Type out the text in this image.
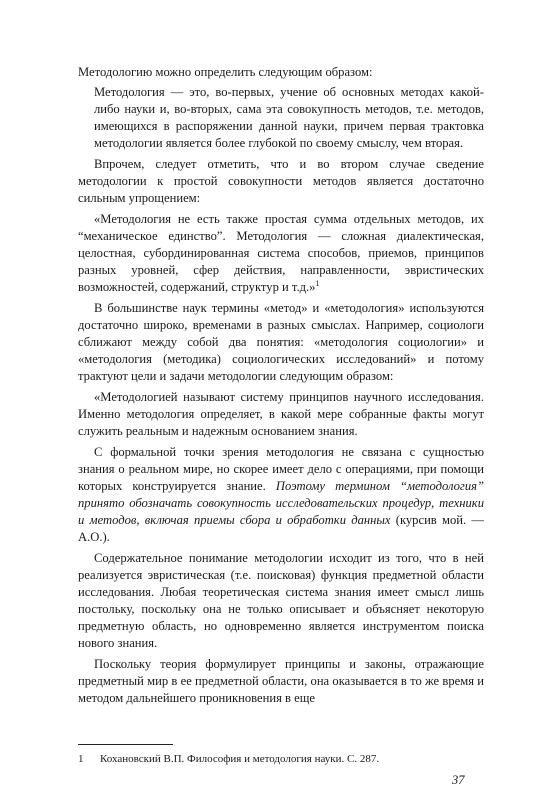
Методологию можно определить следующим образом:

Методология — это, во-первых, учение об основных методах какой-либо науки и, во-вторых, сама эта совокупность методов, т.е. методов, имеющихся в распоряжении данной науки, причем первая трактовка методологии является более глубокой по своему смыслу, чем вторая.

Впрочем, следует отметить, что и во втором случае сведение методологии к простой совокупности методов является достаточно сильным упрощением:

«Методология не есть также простая сумма отдельных методов, их “механическое единство”. Методология — сложная диалектическая, целостная, субординированная система способов, приемов, принципов разных уровней, сфер действия, направленности, эвристических возможностей, содержаний, структур и т.д.»$^1$

В большинстве наук термины «метод» и «методология» используются достаточно широко, временами в разных смыслах. Например, социологи сближают между собой два понятия: «методология социологии» и «методология (методика) социологических исследований» и потому трактуют цели и задачи методологии следующим образом:

«Методологией называют систему принципов научного исследования. Именно методология определяет, в какой мере собранные факты могут служить реальным и надежным основанием знания.

С формальной точки зрения методология не связана с сущностью знания о реальном мире, но скорее имеет дело с операциями, при помощи которых конструируется знание. Поэтому термином “методология” принято обозначать совокупность исследовательских процедур, техники и методов, включая приемы сбора и обработки данных (курсив мой. — А.О.).

Содержательное понимание методологии исходит из того, что в ней реализуется эвристическая (т.е. поисковая) функция предметной области исследования. Любая теоретическая система знания имеет смысл лишь постольку, поскольку она не только описывает и объясняет некоторую предметную область, но одновременно является инструментом поиска нового знания.

Поскольку теория формулирует принципы и законы, отражающие предметный мир в ее предметной области, она оказывается в то же время и методом дальнейшего проникновения в еще

1 Кохановский В.П. Философия и методология науки. С. 287.
37
